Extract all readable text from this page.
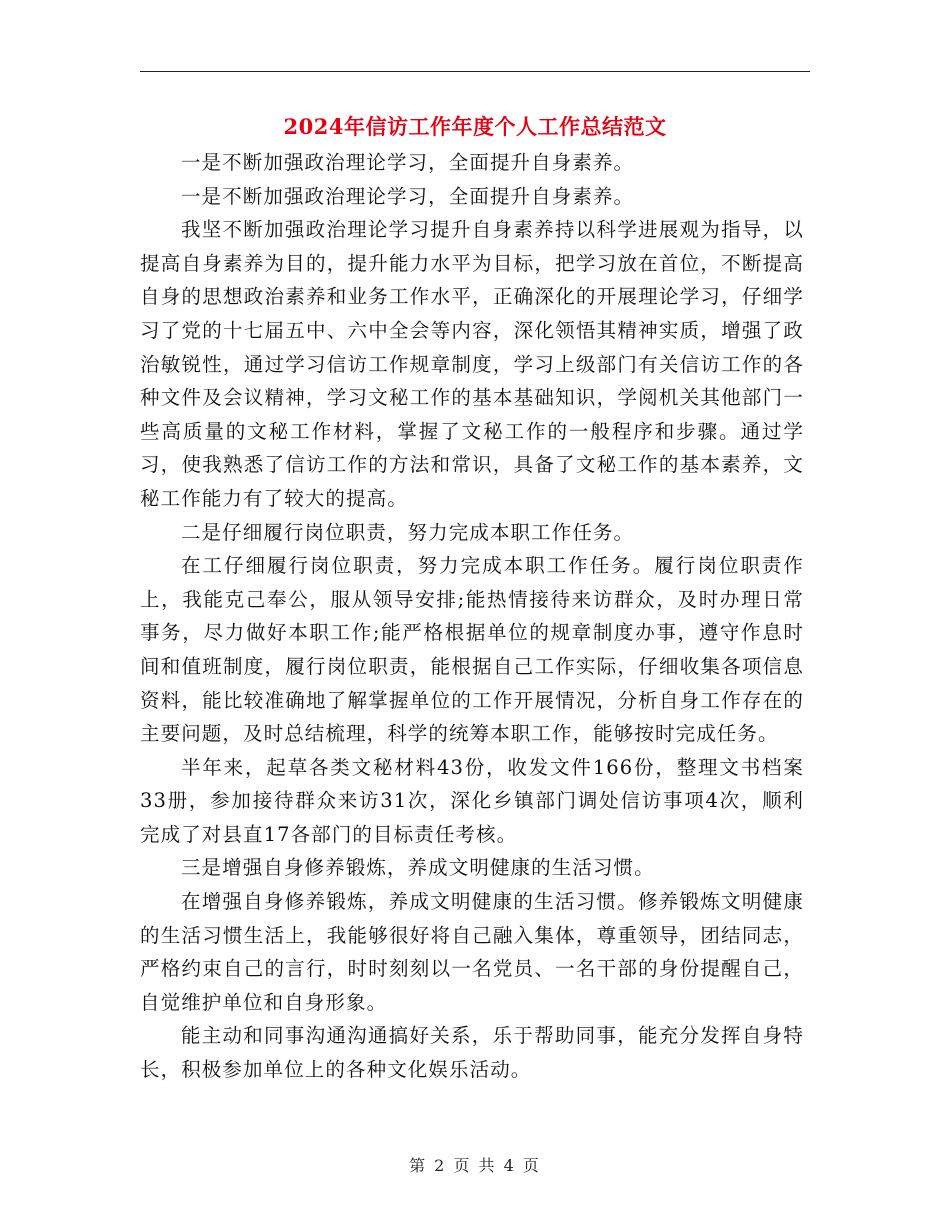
2024年信访工作年度个人工作总结范文

一是不断加强政治理论学习，全面提升自身素养。

一是不断加强政治理论学习，全面提升自身素养。

我坚不断加强政治理论学习提升自身素养持以科学进展观为指导，以提高自身素养为目的，提升能力水平为目标，把学习放在首位，不断提高自身的思想政治素养和业务工作水平，正确深化的开展理论学习，仔细学习了党的十七届五中、六中全会等内容，深化领悟其精神实质，增强了政治敏锐性，通过学习信访工作规章制度，学习上级部门有关信访工作的各种文件及会议精神，学习文秘工作的基本基础知识，学阅机关其他部门一些高质量的文秘工作材料，掌握了文秘工作的一般程序和步骤。通过学习，使我熟悉了信访工作的方法和常识，具备了文秘工作的基本素养，文秘工作能力有了较大的提高。

二是仔细履行岗位职责，努力完成本职工作任务。

在工仔细履行岗位职责，努力完成本职工作任务。履行岗位职责作上，我能克己奉公，服从领导安排;能热情接待来访群众，及时办理日常事务，尽力做好本职工作;能严格根据单位的规章制度办事，遵守作息时间和值班制度，履行岗位职责，能根据自己工作实际，仔细收集各项信息资料，能比较准确地了解掌握单位的工作开展情况，分析自身工作存在的主要问题，及时总结梳理，科学的统筹本职工作，能够按时完成任务。

半年来，起草各类文秘材料43份，收发文件166份，整理文书档案33册，参加接待群众来访31次，深化乡镇部门调处信访事项4次，顺利完成了对县直17各部门的目标责任考核。

三是增强自身修养锻炼，养成文明健康的生活习惯。

在增强自身修养锻炼，养成文明健康的生活习惯。修养锻炼文明健康的生活习惯生活上，我能够很好将自己融入集体，尊重领导，团结同志，严格约束自己的言行，时时刻刻以一名党员、一名干部的身份提醒自己，自觉维护单位和自身形象。

能主动和同事沟通沟通搞好关系，乐于帮助同事，能充分发挥自身特长，积极参加单位上的各种文化娱乐活动。

第 2 页 共 4 页
